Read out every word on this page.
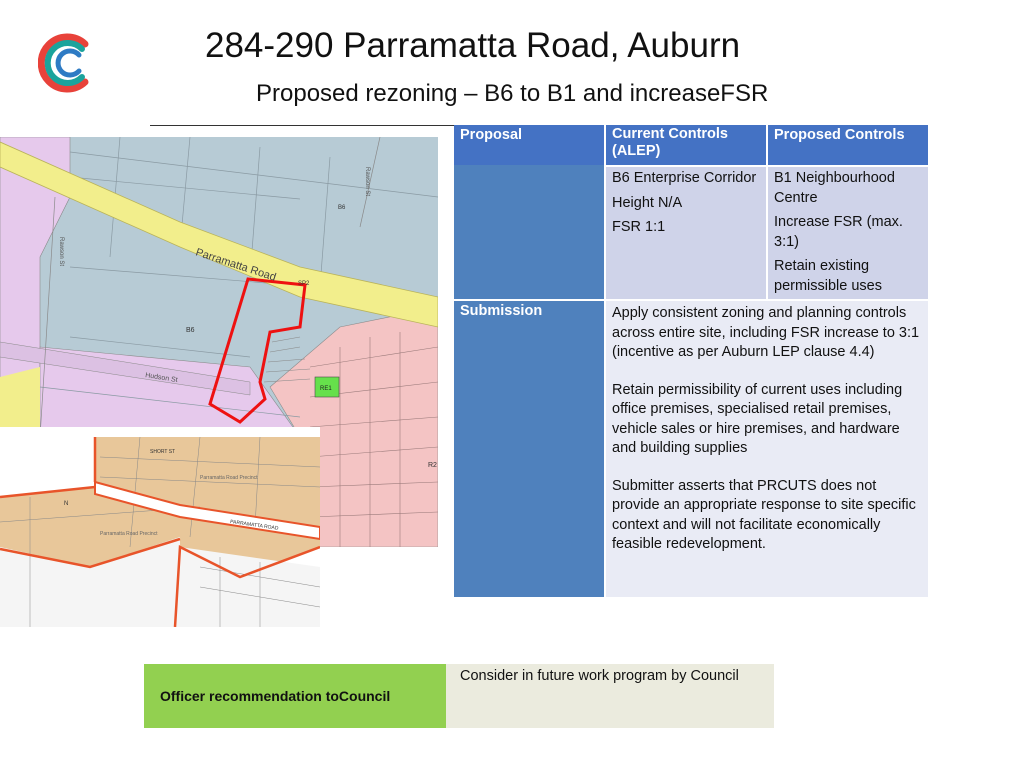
284-290 Parramatta Road, Auburn
Proposed rezoning – B6 to B1 and increaseFSR
Parramatta Road
B6
B6
RE1
SP2
Rawson St
Rawson St
Hudson St
R2
N
Parramatta Road Precinct
Parramatta Road Precinct
PARRAMATTA ROAD
SHORT ST
Proposal	Current Controls (ALEP)
Proposed Controls
B6 Enterprise Corridor
Height N/A
FSR 1:1
B1 Neighbourhood Centre
Increase FSR (max. 3:1)
Retain existing permissible uses
Submission	Apply consistent zoning and planning controls across entire site, including FSR increase to 3:1 (incentive as per Auburn LEP clause 4.4)
Retain permissibility of current uses including office premises, specialised retail premises, vehicle sales or hire premises, and hardware and building supplies
Submitter asserts that PRCUTS does not provide an appropriate response to site specific context and will not facilitate economically feasible redevelopment.
Officer recommendation toCouncil
Consider in future work program by Council
